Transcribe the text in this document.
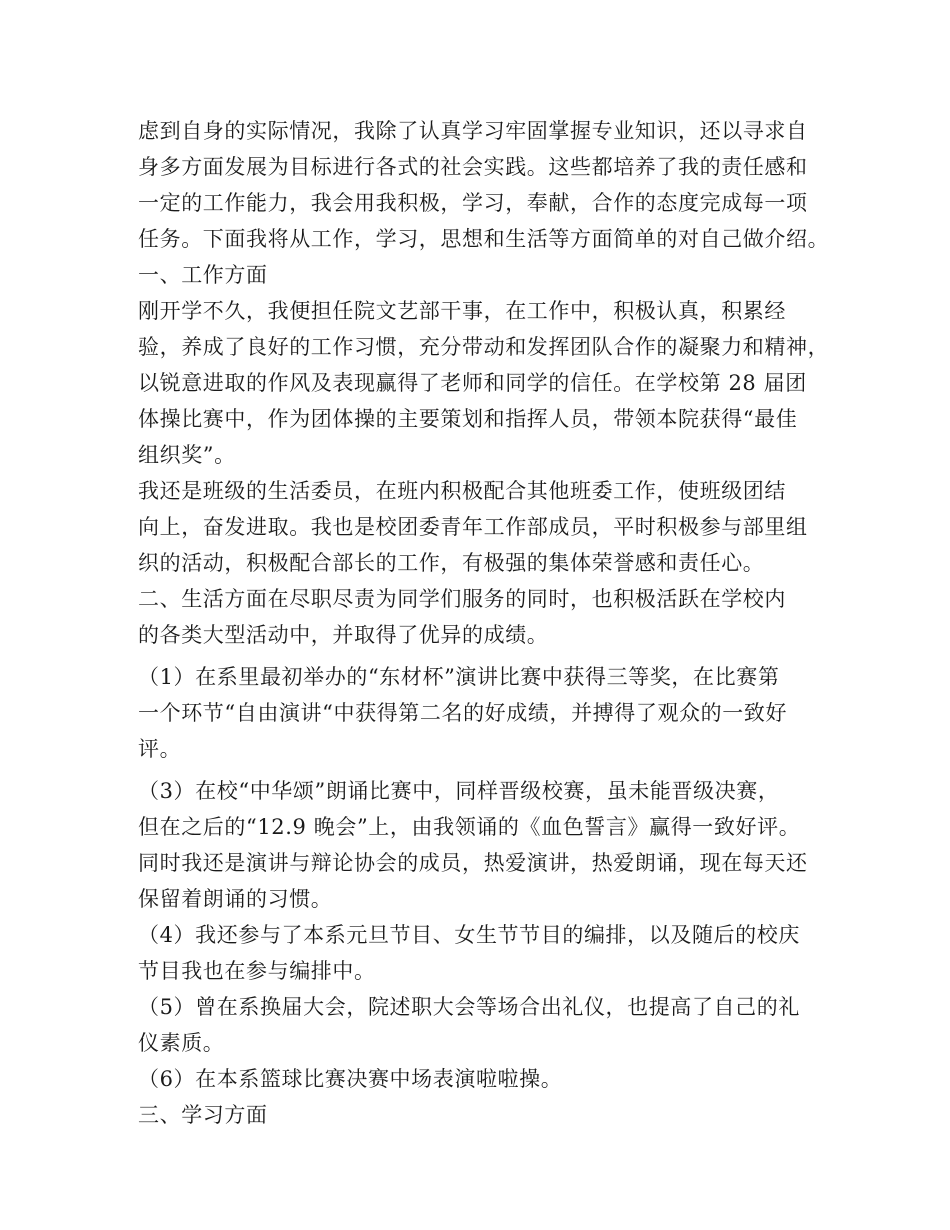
虑到自身的实际情况，我除了认真学习牢固掌握专业知识，还以寻求自
身多方面发展为目标进行各式的社会实践。这些都培养了我的责任感和
一定的工作能力，我会用我积极，学习，奉献，合作的态度完成每一项
任务。下面我将从工作，学习，思想和生活等方面简单的对自己做介绍。
一、工作方面
刚开学不久，我便担任院文艺部干事，在工作中，积极认真，积累经
验，养成了良好的工作习惯，充分带动和发挥团队合作的凝聚力和精神，
以锐意进取的作风及表现赢得了老师和同学的信任。在学校第 28 届团
体操比赛中，作为团体操的主要策划和指挥人员，带领本院获得“最佳
组织奖”。
我还是班级的生活委员，在班内积极配合其他班委工作，使班级团结
向上，奋发进取。我也是校团委青年工作部成员，平时积极参与部里组
织的活动，积极配合部长的工作，有极强的集体荣誉感和责任心。
二、生活方面在尽职尽责为同学们服务的同时，也积极活跃在学校内
的各类大型活动中，并取得了优异的成绩。
（1）在系里最初举办的“东材杯”演讲比赛中获得三等奖，在比赛第
一个环节“自由演讲“中获得第二名的好成绩，并搏得了观众的一致好
评。
（3）在校“中华颂”朗诵比赛中，同样晋级校赛，虽未能晋级决赛，
但在之后的“12.9 晚会”上，由我领诵的《血色誓言》赢得一致好评。
同时我还是演讲与辩论协会的成员，热爱演讲，热爱朗诵，现在每天还
保留着朗诵的习惯。
（4）我还参与了本系元旦节目、女生节节目的编排，以及随后的校庆
节目我也在参与编排中。
（5）曾在系换届大会，院述职大会等场合出礼仪，也提高了自己的礼
仪素质。
（6）在本系篮球比赛决赛中场表演啦啦操。
三、学习方面
